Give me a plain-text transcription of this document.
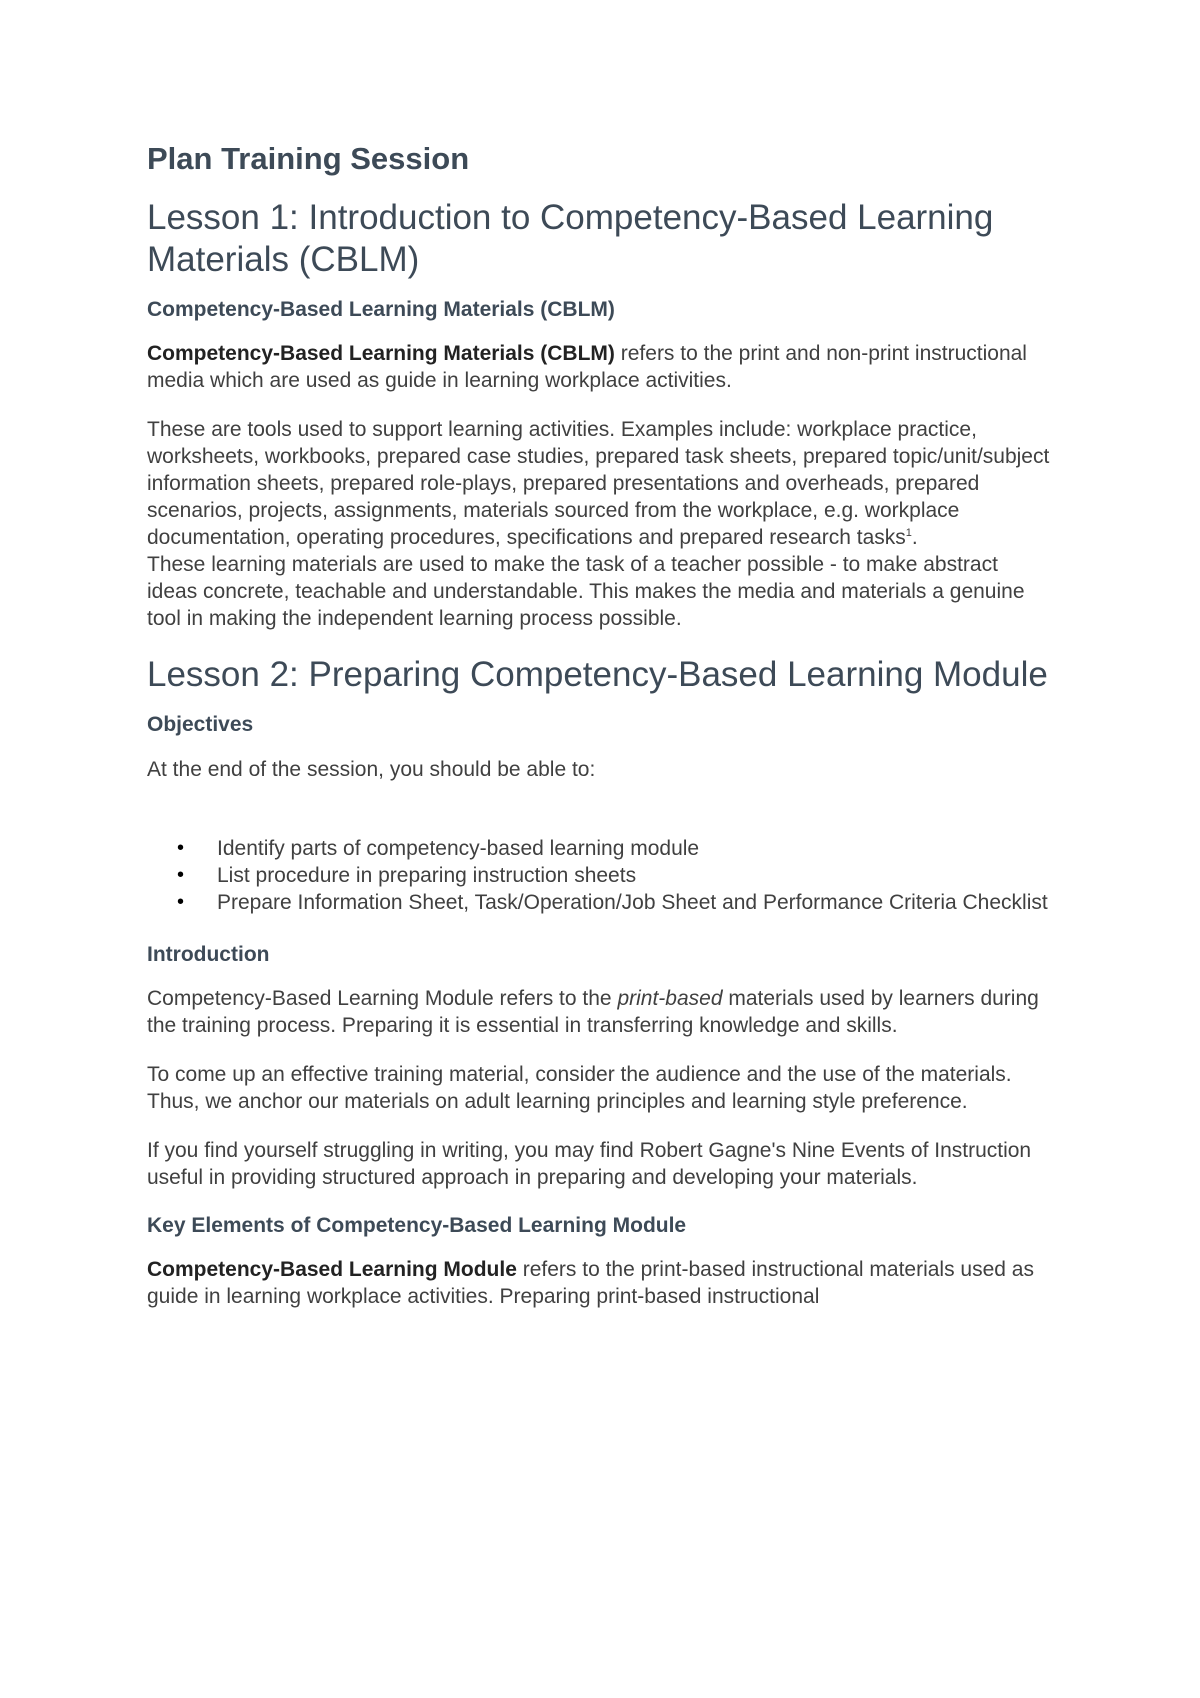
Plan Training Session
Lesson 1: Introduction to Competency-Based Learning Materials (CBLM)
Competency-Based Learning Materials (CBLM)

Competency-Based Learning Materials (CBLM) refers to the print and non-print instructional media which are used as guide in learning workplace activities.

These are tools used to support learning activities. Examples include: workplace practice, worksheets, workbooks, prepared case studies, prepared task sheets, prepared topic/unit/subject information sheets, prepared role-plays, prepared presentations and overheads, prepared scenarios, projects, assignments, materials sourced from the workplace, e.g. workplace documentation, operating procedures, specifications and prepared research tasks$^1$.

These learning materials are used to make the task of a teacher possible - to make abstract ideas concrete, teachable and understandable. This makes the media and materials a genuine tool in making the independent learning process possible.

Lesson 2: Preparing Competency-Based Learning Module
Objectives

At the end of the session, you should be able to:

• Identify parts of competency-based learning module
• List procedure in preparing instruction sheets
• Prepare Information Sheet, Task/Operation/Job Sheet and Performance Criteria Checklist
Introduction

Competency-Based Learning Module refers to the print-based materials used by learners during the training process. Preparing it is essential in transferring knowledge and skills.

To come up an effective training material, consider the audience and the use of the materials. Thus, we anchor our materials on adult learning principles and learning style preference.

If you find yourself struggling in writing, you may find Robert Gagne's Nine Events of Instruction useful in providing structured approach in preparing and developing your materials.

Key Elements of Competency-Based Learning Module

Competency-Based Learning Module refers to the print-based instructional materials used as guide in learning workplace activities. Preparing print-based instructional
